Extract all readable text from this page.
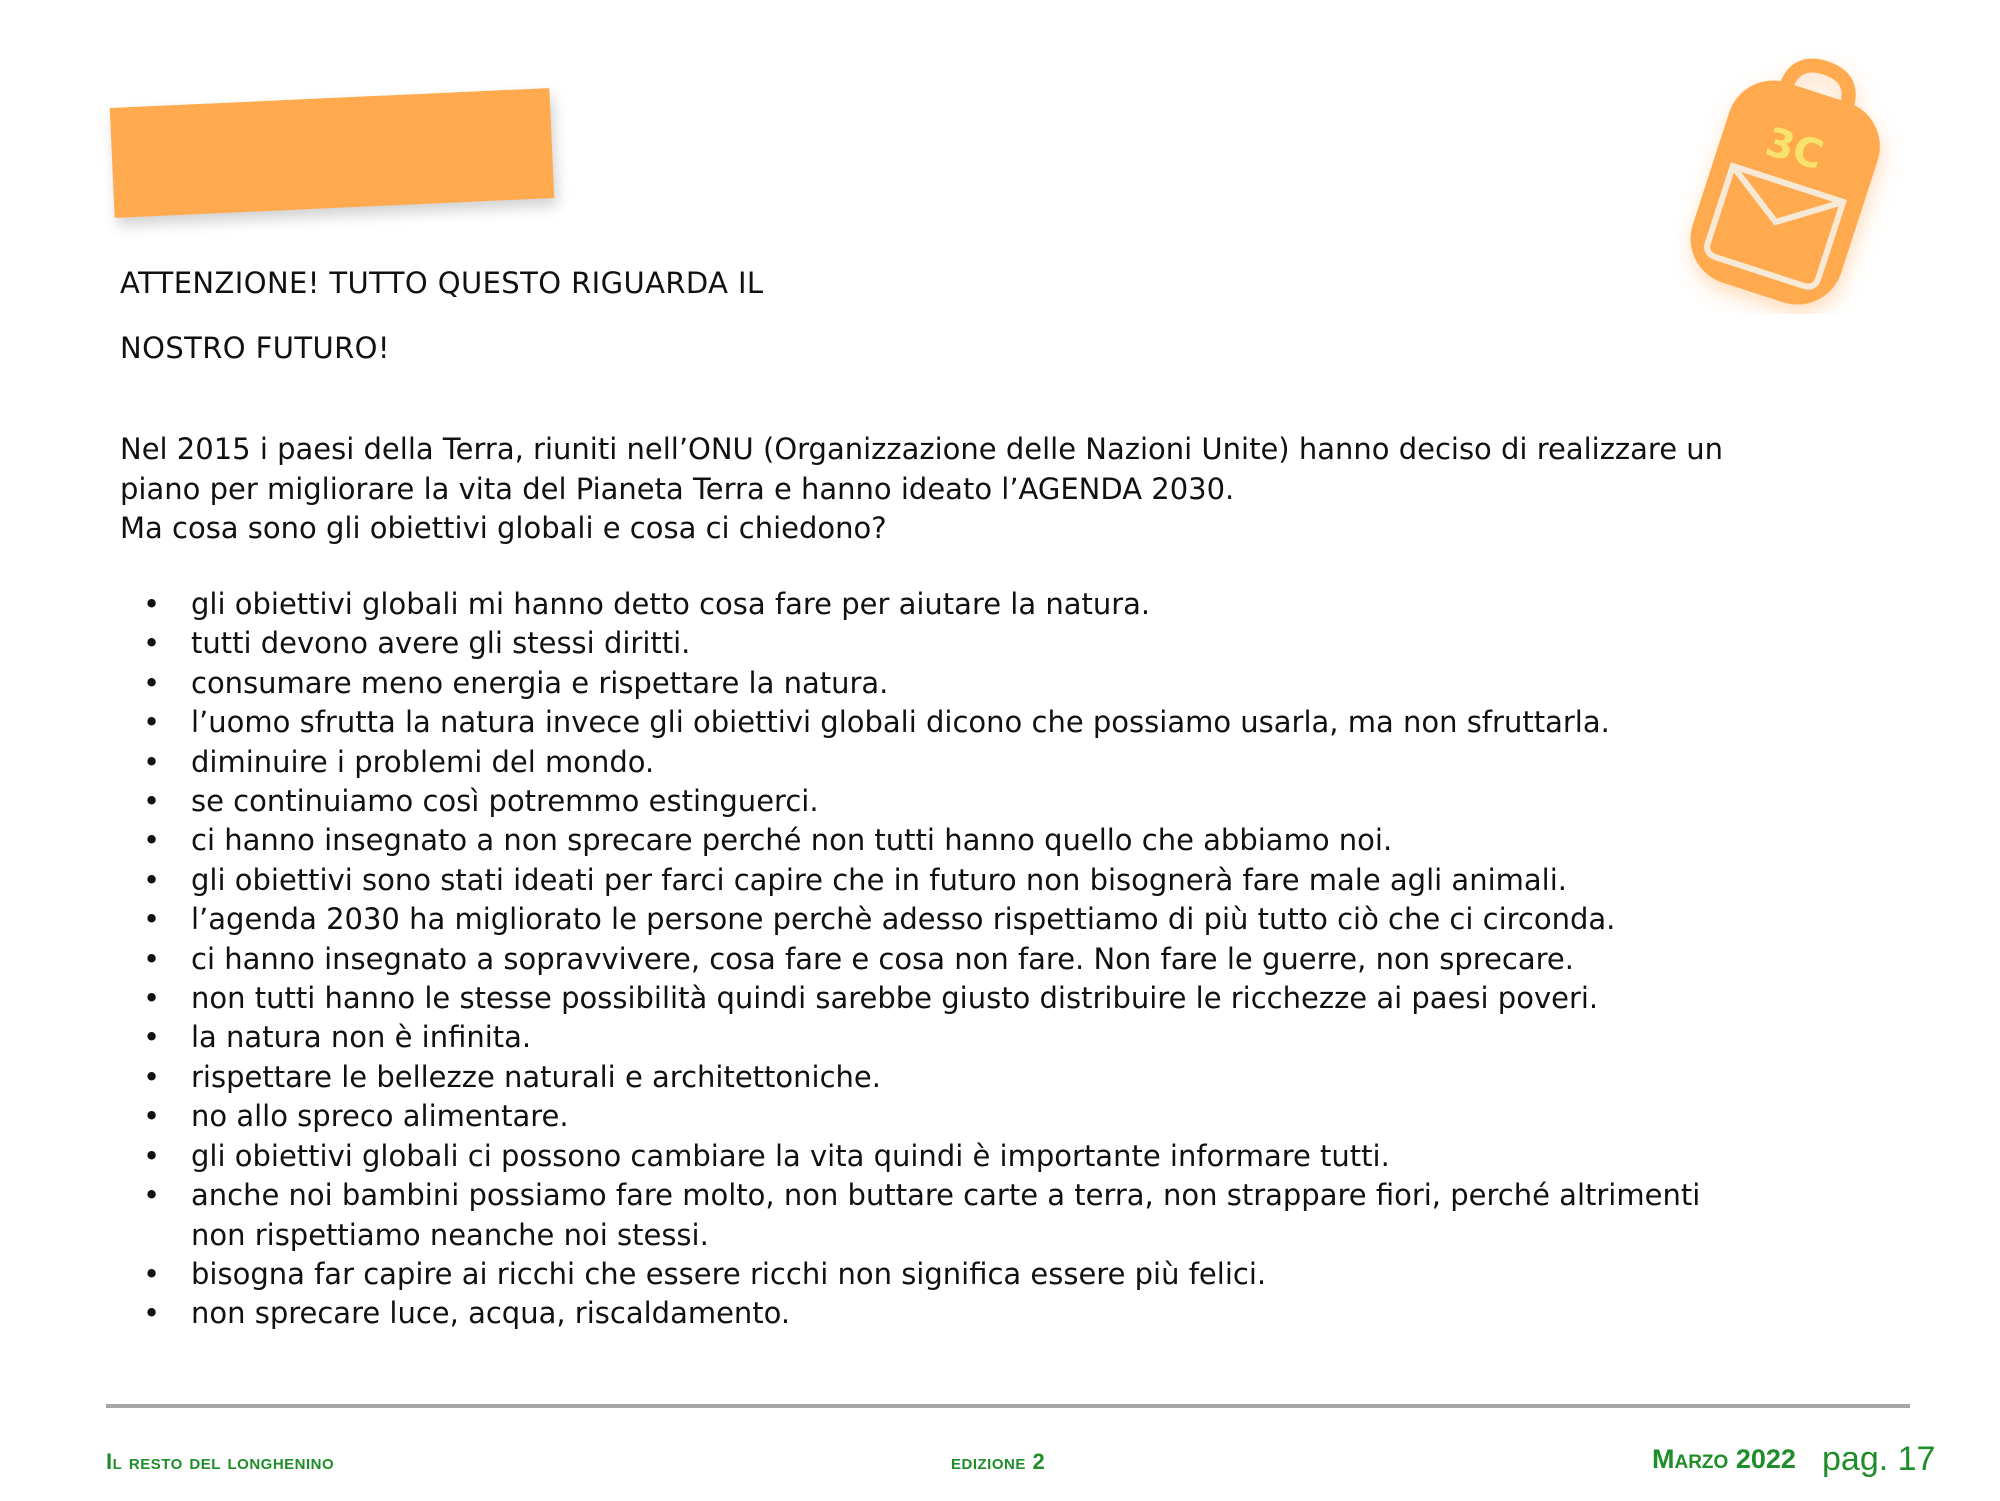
3C
ATTENZIONE! TUTTO QUESTO RIGUARDA IL
NOSTRO FUTURO!

Nel 2015 i paesi della Terra, riuniti nell’ONU (Organizzazione delle Nazioni Unite) hanno deciso di realizzare un

piano per migliorare la vita del Pianeta Terra e hanno ideato l’AGENDA 2030.

Ma cosa sono gli obiettivi globali e cosa ci chiedono?

• gli obiettivi globali mi hanno detto cosa fare per aiutare la natura.
• tutti devono avere gli stessi diritti.
• consumare meno energia e rispettare la natura.
• l’uomo sfrutta la natura invece gli obiettivi globali dicono che possiamo usarla, ma non sfruttarla.
• diminuire i problemi del mondo.
• se continuiamo così potremmo estinguerci.
• ci hanno insegnato a non sprecare perché non tutti hanno quello che abbiamo noi.
• gli obiettivi sono stati ideati per farci capire che in futuro non bisognerà fare male agli animali.
• l’agenda 2030 ha migliorato le persone perchè adesso rispettiamo di più tutto ciò che ci circonda.
• ci hanno insegnato a sopravvivere, cosa fare e cosa non fare. Non fare le guerre, non sprecare.
• non tutti hanno le stesse possibilità quindi sarebbe giusto distribuire le ricchezze ai paesi poveri.
• la natura non è infinita.
• rispettare le bellezze naturali e architettoniche.
• no allo spreco alimentare.
• gli obiettivi globali ci possono cambiare la vita quindi è importante informare tutti.
• anche noi bambini possiamo fare molto, non buttare carte a terra, non strappare fiori, perché altrimenti
non rispettiamo neanche noi stessi.
• bisogna far capire ai ricchi che essere ricchi non significa essere più felici.
• non sprecare luce, acqua, riscaldamento.
Il resto del longhenino	edizione 2	Marzo 2022 pag. 17
